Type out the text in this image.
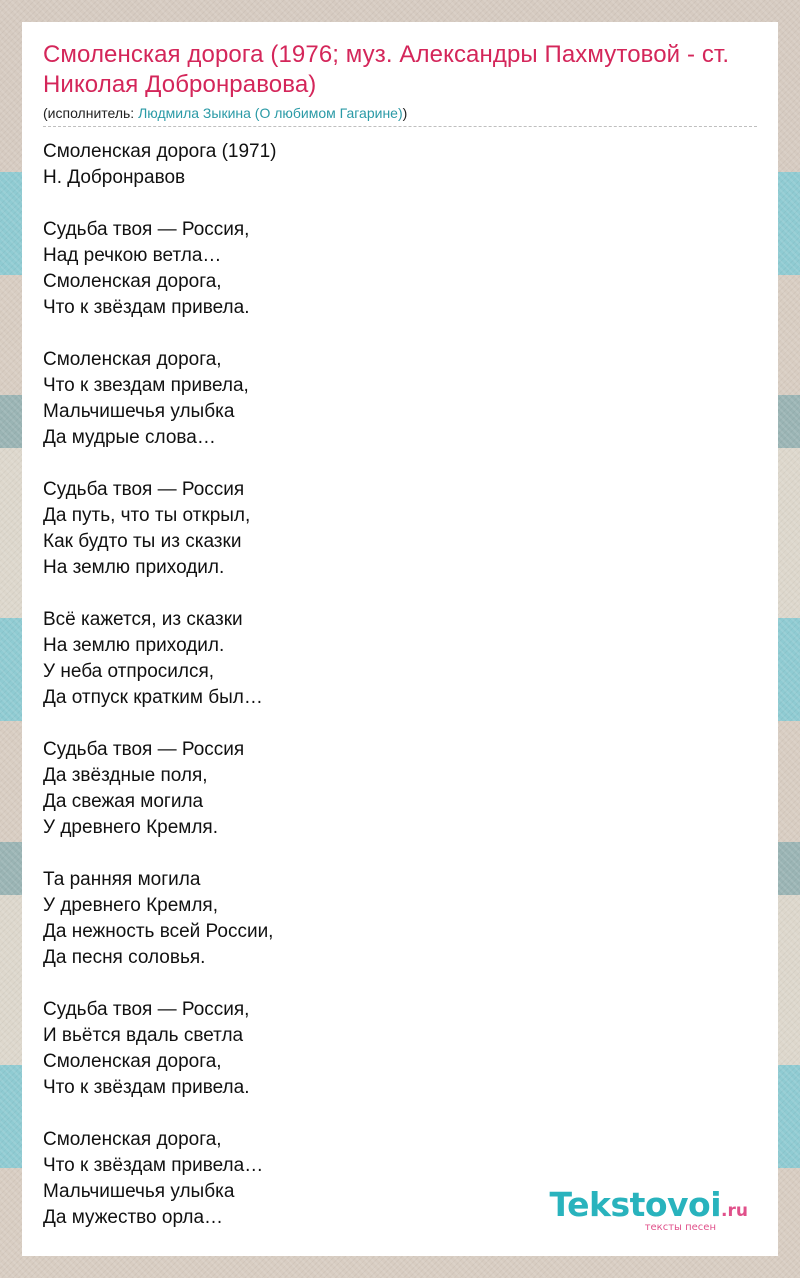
Смоленская дорога (1976; муз. Александры Пахмутовой - ст. Николая Добронравова)
(исполнитель: Людмила Зыкина (О любимом Гагарине))
Смоленская дорога (1971)
Н. Добронравов
Судьба твоя — Россия,
Над речкою ветла…
Смоленская дорога,
Что к звёздам привела.
Смоленская дорога,
Что к звездам привела,
Мальчишечья улыбка
Да мудрые слова…
Судьба твоя — Россия
Да путь, что ты открыл,
Как будто ты из сказки
На землю приходил.
Всё кажется, из сказки
На землю приходил.
У неба отпросился,
Да отпуск кратким был…
Судьба твоя — Россия
Да звёздные поля,
Да свежая могила
У древнего Кремля.
Та ранняя могила
У древнего Кремля,
Да нежность всей России,
Да песня соловья.
Судьба твоя — Россия,
И вьётся вдаль светла
Смоленская дорога,
Что к звёздам привела.
Смоленская дорога,
Что к звёздам привела…
Мальчишечья улыбка
Да мужество орла…	Tekstovoi.ru
тексты песен
